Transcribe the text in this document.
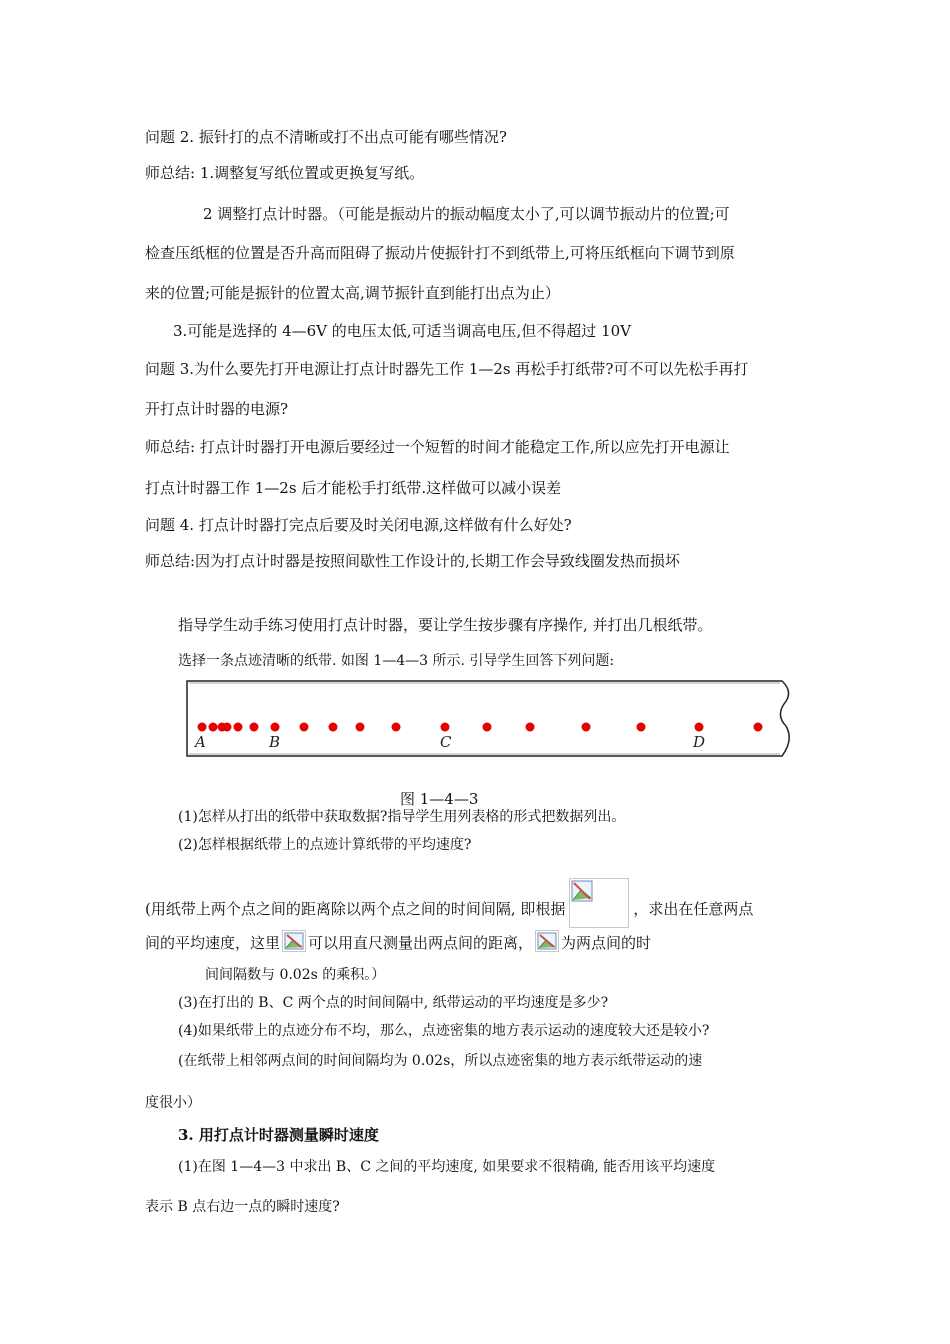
问题 2. 振针打的点不清晰或打不出点可能有哪些情况?
师总结: 1.调整复写纸位置或更换复写纸。
2 调整打点计时器。（可能是振动片的振动幅度太小了,可以调节振动片的位置;可
检查压纸框的位置是否升高而阻碍了振动片使振针打不到纸带上,可将压纸框向下调节到原
来的位置;可能是振针的位置太高,调节振针直到能打出点为止）
3.可能是选择的 4—6V 的电压太低,可适当调高电压,但不得超过 10V
问题 3.为什么要先打开电源让打点计时器先工作 1—2s 再松手打纸带?可不可以先松手再打
开打点计时器的电源?
师总结: 打点计时器打开电源后要经过一个短暂的时间才能稳定工作,所以应先打开电源让
打点计时器工作 1—2s 后才能松手打纸带.这样做可以减小误差
问题 4. 打点计时器打完点后要及时关闭电源,这样做有什么好处?
师总结:因为打点计时器是按照间歇性工作设计的,长期工作会导致线圈发热而损坏
指导学生动手练习使用打点计时器，要让学生按步骤有序操作, 并打出几根纸带。
选择一条点迹清晰的纸带. 如图 1—4—3 所示. 引导学生回答下列问题:
A	B	C	D
图 1—4—3
(1)怎样从打出的纸带中获取数据?指导学生用列表格的形式把数据列出。
(2)怎样根据纸带上的点迹计算纸带的平均速度?
(用纸带上两个点之间的距离除以两个点之间的时间间隔, 即根据	，求出在任意两点
间的平均速度，这里 可以用直尺测量出两点间的距离， 为两点间的时
间间隔数与 0.02s 的乘积。）
(3)在打出的 B、C 两个点的时间间隔中, 纸带运动的平均速度是多少?
(4)如果纸带上的点迹分布不均，那么，点迹密集的地方表示运动的速度较大还是较小?
(在纸带上相邻两点间的时间间隔均为 0.02s，所以点迹密集的地方表示纸带运动的速
度很小）
3. 用打点计时器测量瞬时速度
(1)在图 1—4—3 中求出 B、C 之间的平均速度, 如果要求不很精确, 能否用该平均速度
表示 B 点右边一点的瞬时速度?
